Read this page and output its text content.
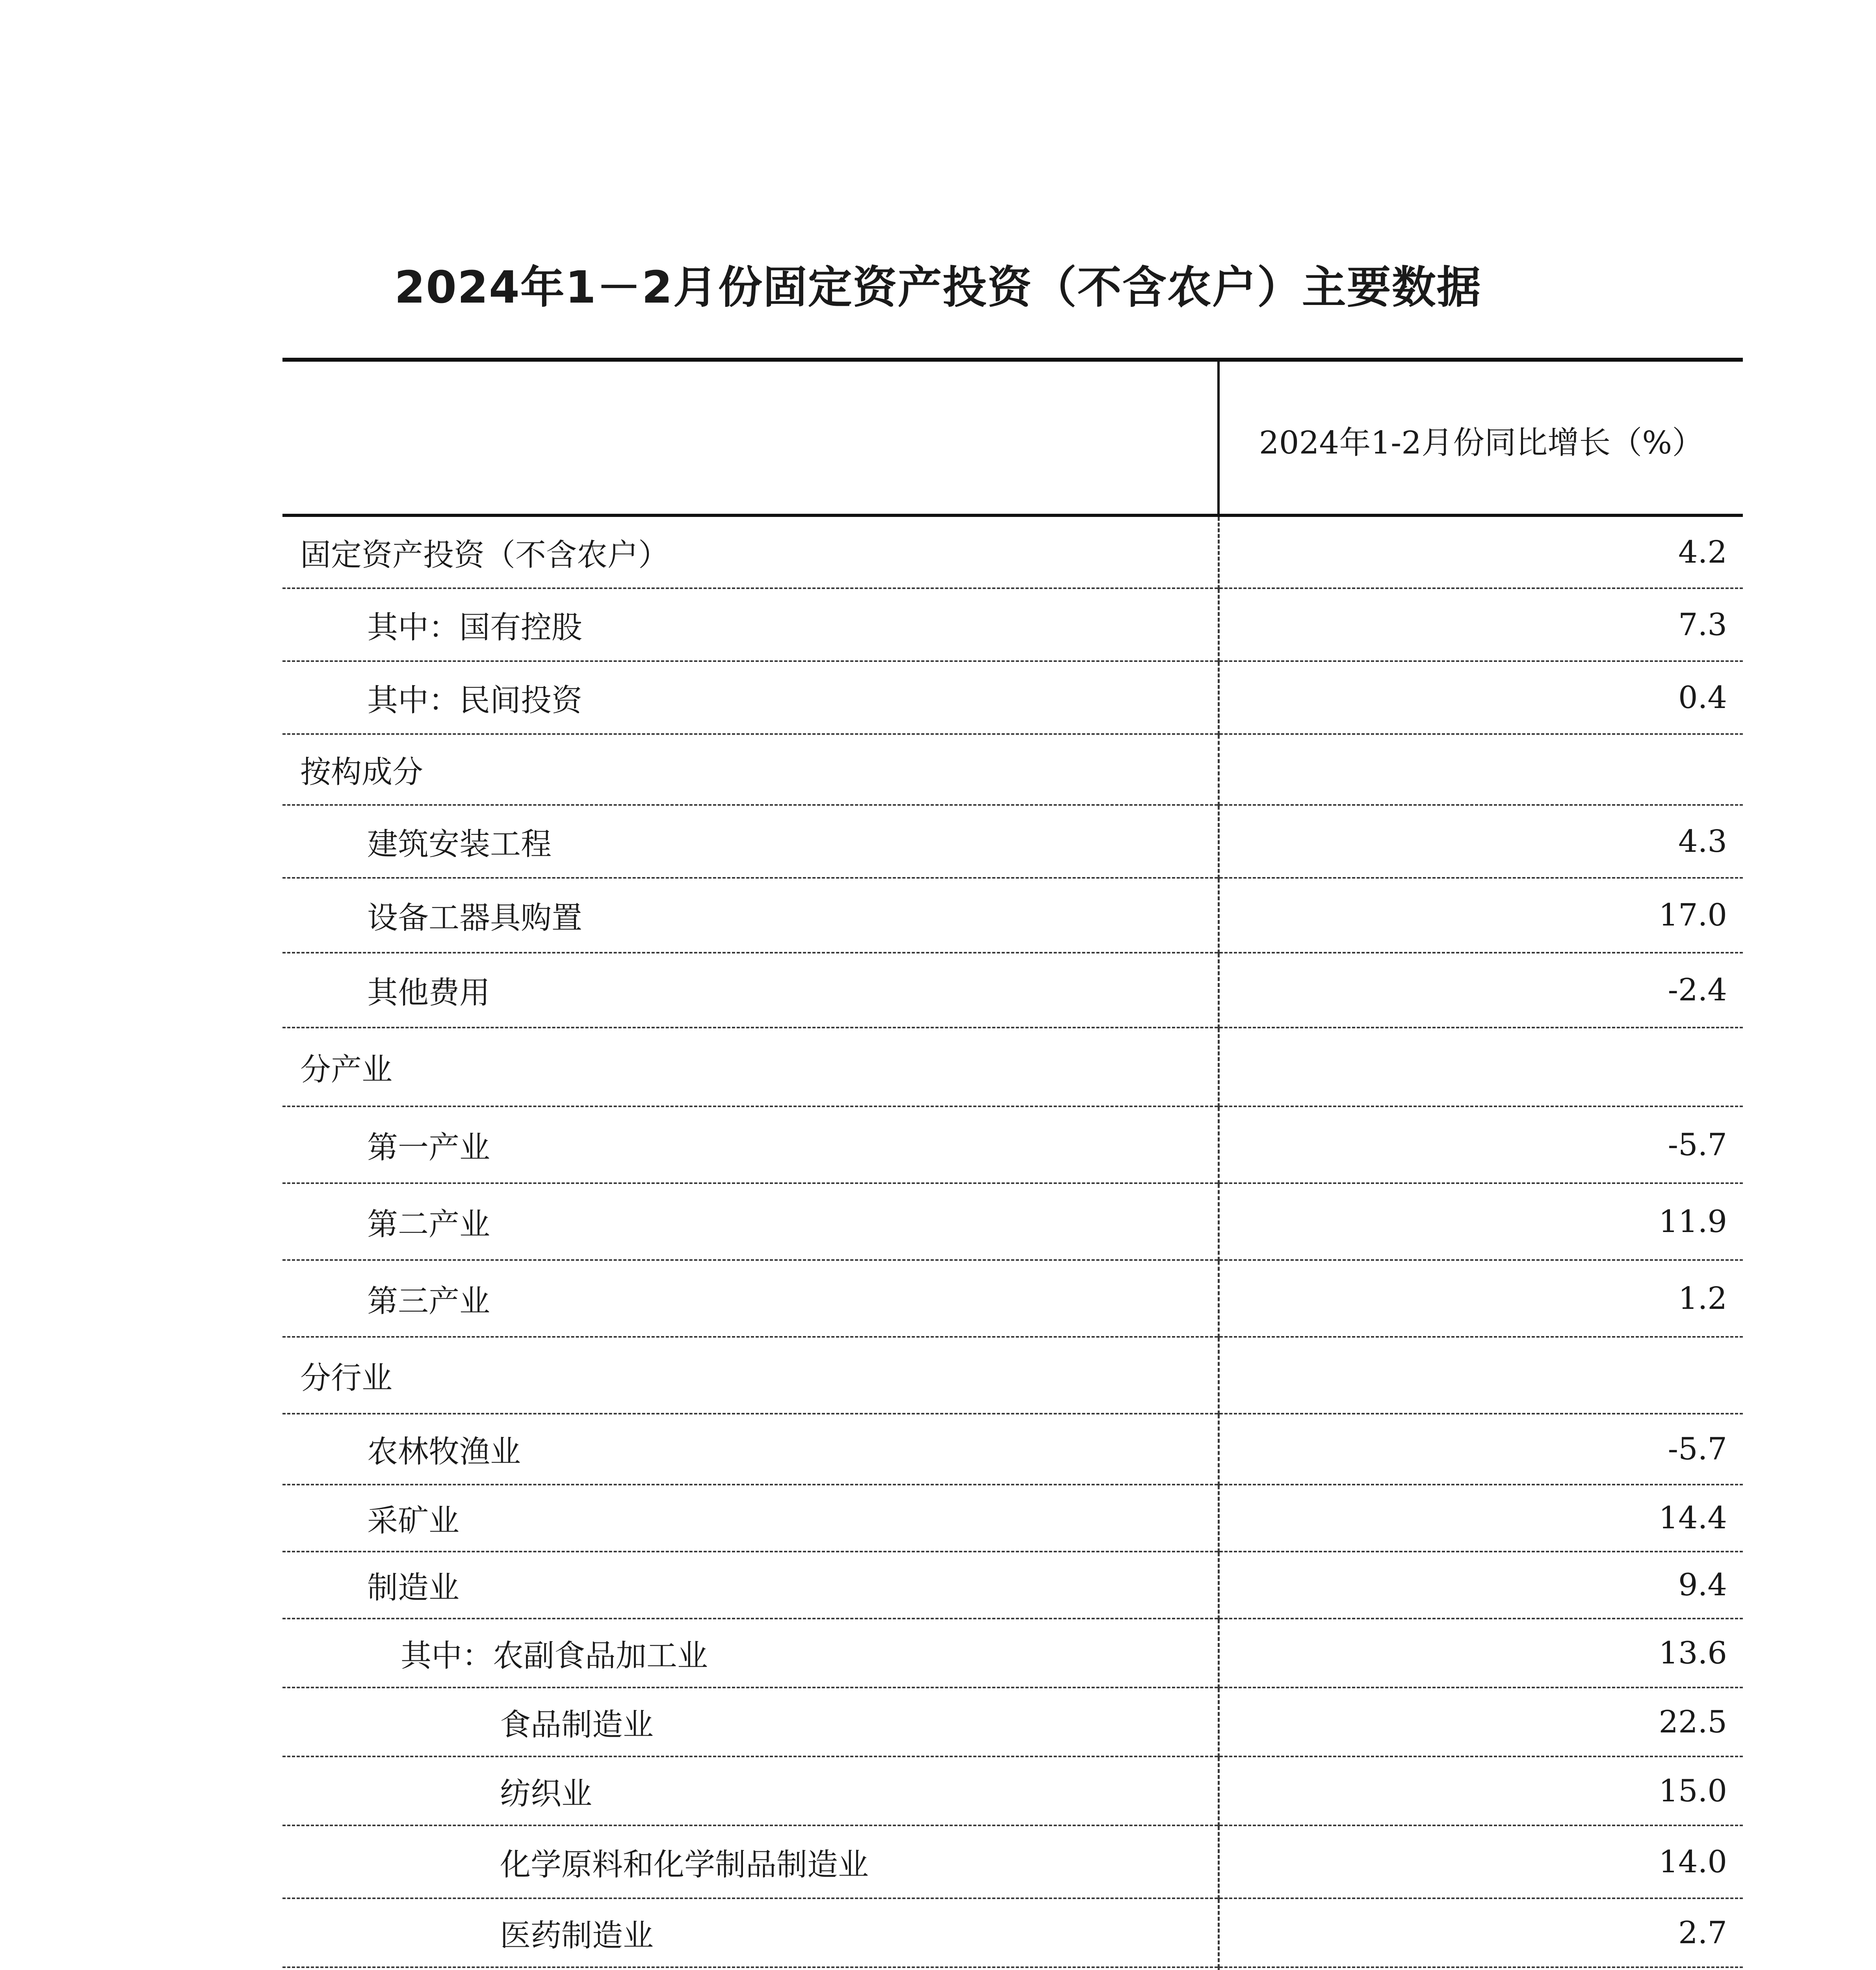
2024年1－2月份固定资产投资（不含农户）主要数据
	2024年1-2月份同比增长（%）
固定资产投资（不含农户）	4.2
其中：国有控股	7.3
其中：民间投资	0.4
按构成分	
建筑安装工程	4.3
设备工器具购置	17.0
其他费用	-2.4
分产业	
第一产业	-5.7
第二产业	11.9
第三产业	1.2
分行业	
农林牧渔业	-5.7
采矿业	14.4
制造业	9.4
其中：农副食品加工业	13.6
食品制造业	22.5
纺织业	15.0
化学原料和化学制品制造业	14.0
医药制造业	2.7
